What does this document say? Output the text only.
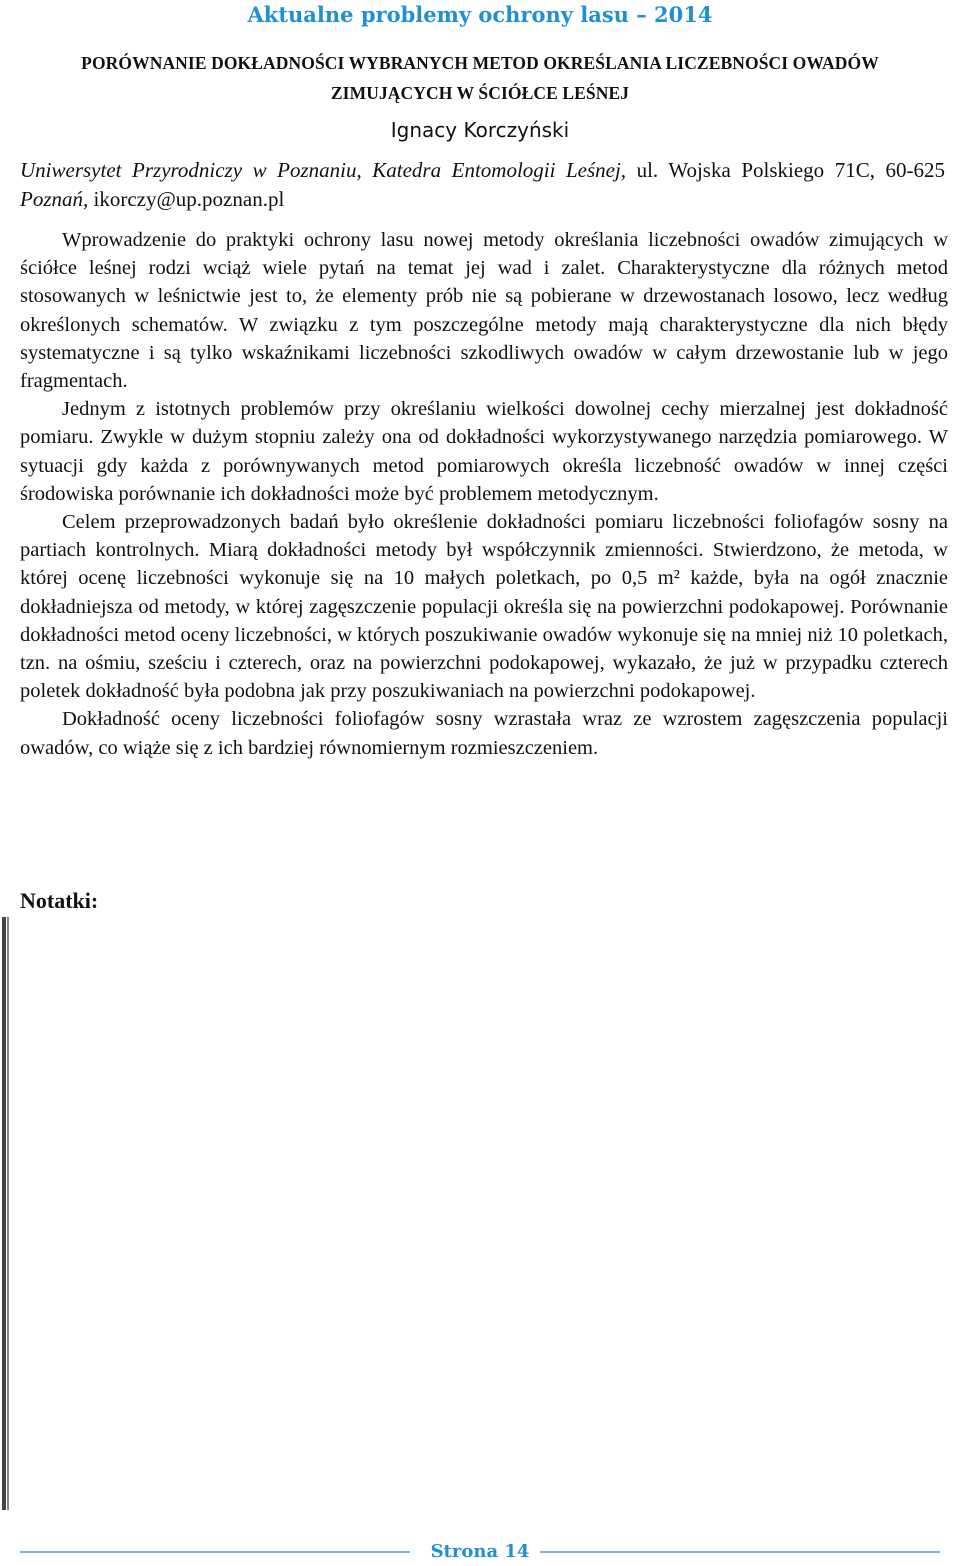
Aktualne problemy ochrony lasu – 2014
PORÓWNANIE DOKŁADNOŚCI WYBRANYCH METOD OKREŚLANIA LICZEBNOŚCI OWADÓW
ZIMUJĄCYCH W ŚCIÓŁCE LEŚNEJ
Ignacy Korczyński
Uniwersytet Przyrodniczy w Poznaniu, Katedra Entomologii Leśnej, ul. Wojska Polskiego 71C, 60-625 Poznań, ikorczy@up.poznan.pl

Wprowadzenie do praktyki ochrony lasu nowej metody określania liczebności owadów zimujących w ściółce leśnej rodzi wciąż wiele pytań na temat jej wad i zalet. Charakterystyczne dla różnych metod stosowanych w leśnictwie jest to, że elementy prób nie są pobierane w drzewostanach losowo, lecz według określonych schematów. W związku z tym poszczególne metody mają charakterystyczne dla nich błędy systematyczne i są tylko wskaźnikami liczebności szkodliwych owadów w całym drzewostanie lub w jego fragmentach.

Jednym z istotnych problemów przy określaniu wielkości dowolnej cechy mierzalnej jest dokładność pomiaru. Zwykle w dużym stopniu zależy ona od dokładności wykorzystywanego narzędzia pomiarowego. W sytuacji gdy każda z porównywanych metod pomiarowych określa liczebność owadów w innej części środowiska porównanie ich dokładności może być problemem metodycznym.

Celem przeprowadzonych badań było określenie dokładności pomiaru liczebności foliofagów sosny na partiach kontrolnych. Miarą dokładności metody był współczynnik zmienności. Stwierdzono, że metoda, w której ocenę liczebności wykonuje się na 10 małych poletkach, po 0,5 m² każde, była na ogół znacznie dokładniejsza od metody, w której zagęszczenie populacji określa się na powierzchni podokapowej. Porównanie dokładności metod oceny liczebności, w których poszukiwanie owadów wykonuje się na mniej niż 10 poletkach, tzn. na ośmiu, sześciu i czterech, oraz na powierzchni podokapowej, wykazało, że już w przypadku czterech poletek dokładność była podobna jak przy poszukiwaniach na powierzchni podokapowej.

Dokładność oceny liczebności foliofagów sosny wzrastała wraz ze wzrostem zagęszczenia populacji owadów, co wiąże się z ich bardziej równomiernym rozmieszczeniem.

Notatki:
Strona 14
